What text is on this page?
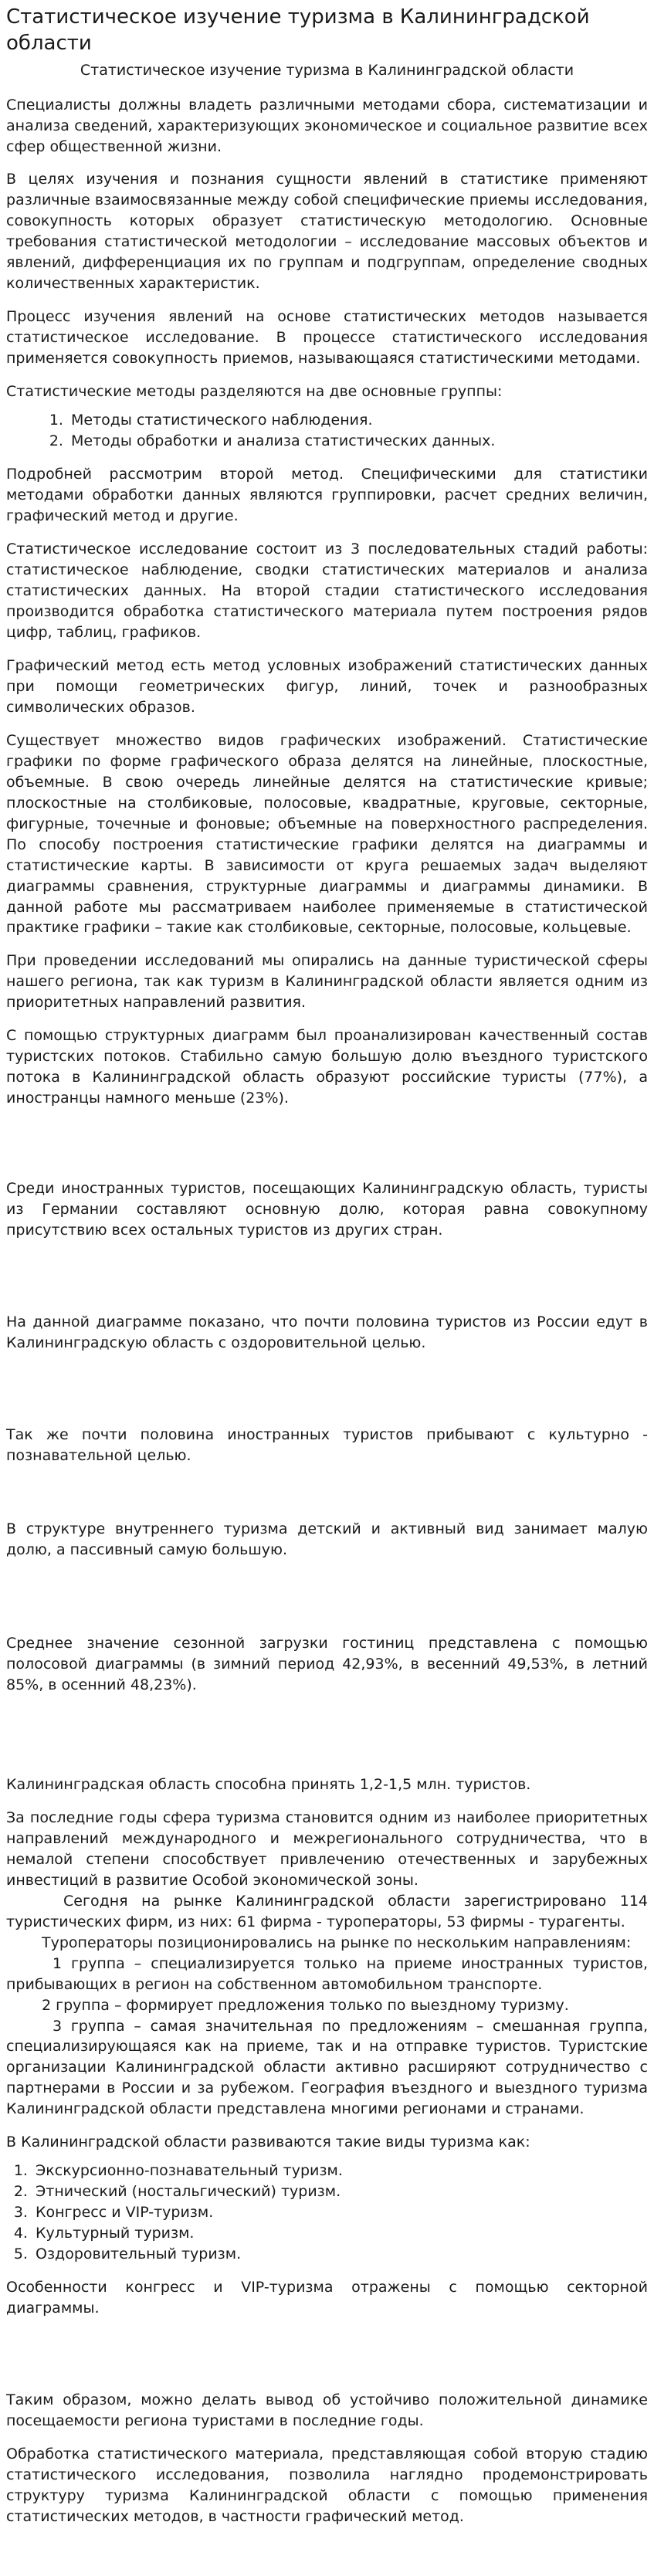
Статистическое изучение туризма в Калининградской области
Статистическое изучение туризма в Калининградской области

Специалисты должны владеть различными методами сбора, систематизации и анализа сведений, характеризующих экономическое и социальное развитие всех сфер общественной жизни.

В целях изучения и познания сущности явлений в статистике применяют различные взаимосвязанные между собой специфические приемы исследования, совокупность которых образует статистическую методологию. Основные требования статистической методологии – исследование массовых объектов и явлений, дифференциация их по группам и подгруппам, определение сводных количественных характеристик.

Процесс изучения явлений на основе статистических методов называется статистическое исследование. В процессе статистического исследования применяется совокупность приемов, называющаяся статистическими методами.

Статистические методы разделяются на две основные группы:

1. Методы статистического наблюдения.
2. Методы обработки и анализа статистических данных.

Подробней рассмотрим второй метод. Специфическими для статистики методами обработки данных являются группировки, расчет средних величин, графический метод и другие.

Статистическое исследование состоит из 3 последовательных стадий работы: статистическое наблюдение, сводки статистических материалов и анализа статистических данных. На второй стадии статистического исследования производится обработка статистического материала путем построения рядов цифр, таблиц, графиков.

Графический метод есть метод условных изображений статистических данных при помощи геометрических фигур, линий, точек и разнообразных символических образов.

Существует множество видов графических изображений. Статистические графики по форме графического образа делятся на линейные, плоскостные, объемные. В свою очередь линейные делятся на статистические кривые; плоскостные на столбиковые, полосовые, квадратные, круговые, секторные, фигурные, точечные и фоновые; объемные на поверхностного распределения. По способу построения статистические графики делятся на диаграммы и статистические карты. В зависимости от круга решаемых задач выделяют диаграммы сравнения, структурные диаграммы и диаграммы динамики. В данной работе мы рассматриваем наиболее применяемые в статистической практике графики – такие как столбиковые, секторные, полосовые, кольцевые.

При проведении исследований мы опирались на данные туристической сферы нашего региона, так как туризм в Калининградской области является одним из приоритетных направлений развития.

С помощью структурных диаграмм был проанализирован качественный состав туристских потоков. Стабильно самую большую долю въездного туристского потока в Калининградской область образуют российские туристы (77%), а иностранцы намного меньше (23%).

Среди иностранных туристов, посещающих Калининградскую область, туристы из Германии составляют основную долю, которая равна совокупному присутствию всех остальных туристов из других стран.

На данной диаграмме показано, что почти половина туристов из России едут в Калининградскую область с оздоровительной целью.

Так же почти половина иностранных туристов прибывают с культурно - познавательной целью.

В структуре внутреннего туризма детский и активный вид занимает малую долю, а пассивный самую большую.

Среднее значение сезонной загрузки гостиниц представлена с помощью полосовой диаграммы (в зимний период 42,93%, в весенний 49,53%, в летний 85%, в осенний 48,23%).

Калининградская область способна принять 1,2-1,5 млн. туристов.

За последние годы сфера туризма становится одним из наиболее приоритетных направлений международного и межрегионального сотрудничества, что в немалой степени способствует привлечению отечественных и зарубежных инвестиций в развитие Особой экономической зоны.

Сегодня на рынке Калининградской области зарегистрировано 114 туристических фирм, из них: 61 фирма - туроператоры, 53 фирмы - турагенты.

Туроператоры позиционировались на рынке по нескольким направлениям:

1 группа – специализируется только на приеме иностранных туристов, прибывающих в регион на собственном автомобильном транспорте.

2 группа – формирует предложения только по выездному туризму.

3 группа – самая значительная по предложениям – смешанная группа, специализирующаяся как на приеме, так и на отправке туристов. Туристские организации Калининградской области активно расширяют сотрудничество с партнерами в России и за рубежом. География въездного и выездного туризма Калининградской области представлена многими регионами и странами.

В Калининградской области развиваются такие виды туризма как:

1. Экскурсионно-познавательный туризм.
2. Этнический (ностальгический) туризм.
3. Конгресс и VIP-туризм.
4. Культурный туризм.
5. Оздоровительный туризм.

Особенности конгресс и VIP-туризма отражены с помощью секторной диаграммы.

Таким образом, можно делать вывод об устойчиво положительной динамике посещаемости региона туристами в последние годы.

Обработка статистического материала, представляющая собой вторую стадию статистического исследования, позволила наглядно продемонстрировать структуру туризма Калининградской области с помощью применения статистических методов, в частности графический метод.
